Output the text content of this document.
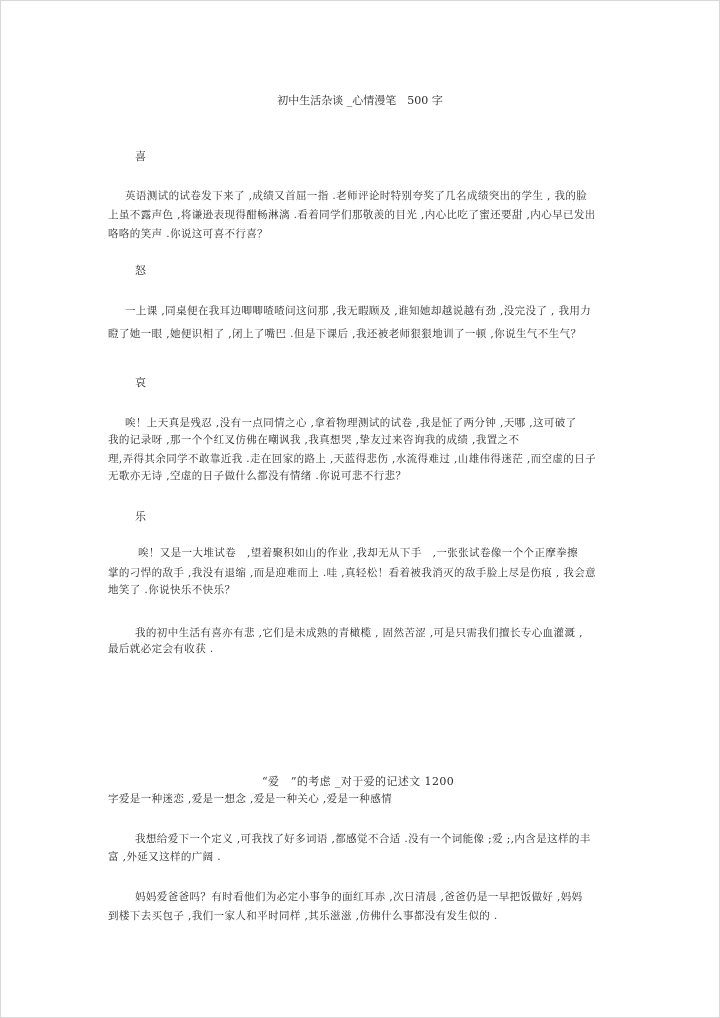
初中生活杂谈 _心情漫笔　500 字
喜
英语测试的试卷发下来了 ,成绩又首屈一指 .老师评论时特别夸奖了几名成绩突出的学生 , 我的脸
上虽不露声色 ,将谦逊表现得酣畅淋漓 .看着同学们那敬羡的目光 ,内心比吃了蜜还要甜 ,内心早已发出
咯咯的笑声 .你说这可喜不行喜？
怒
一上课 ,同桌便在我耳边唧唧喳喳问这问那 ,我无暇顾及 ,谁知她却越说越有劲 ,没完没了 , 我用力
瞪了她一眼 ,她便识相了 ,闭上了嘴巴 .但是下课后 ,我还被老师狠狠地训了一顿 ,你说生气不生气？
哀
唉！上天真是残忍 ,没有一点同情之心 ,拿着物理测试的试卷 ,我是怔了两分钟 ,天哪 ,这可破了
我的记录呀 ,那一个个红叉仿佛在嘲讽我 ,我真想哭 ,挚友过来咨询我的成绩 ,我置之不
理,弄得其余同学不敢靠近我 .走在回家的路上 ,天蓝得悲伤 ,水流得难过 ,山雄伟得迷茫 ,而空虚的日子
无歌亦无诗 ,空虚的日子做什么都没有情绪 .你说可悲不行悲？
乐
唉！又是一大堆试卷　,望着聚积如山的作业 ,我却无从下手　,一张张试卷像一个个正摩拳擦
掌的刁悍的敌手 ,我没有退缩 ,而是迎难而上 .哇 ,真轻松！看着被我消灭的敌手脸上尽是伤痕 , 我会意
地笑了 .你说快乐不快乐？
我的初中生活有喜亦有悲 ,它们是未成熟的青橄榄 , 固然苦涩 ,可是只需我们擅长专心血灌溉 ,
最后就必定会有收获 .
“爱　”的考虑 _对于爱的记述文 1200
字爱是一种迷恋 ,爱是一想念 ,爱是一种关心 ,爱是一种感情
我想给爱下一个定义 ,可我找了好多词语 ,都感觉不合适 .没有一个词能像 ;爱 ;,内含是这样的丰
富 ,外延又这样的广阔 .
妈妈爱爸爸吗？有时看他们为必定小事争的面红耳赤 ,次日清晨 ,爸爸仍是一早把饭做好 ,妈妈
到楼下去买包子 ,我们一家人和平时同样 ,其乐滋滋 ,仿佛什么事都没有发生似的 .
